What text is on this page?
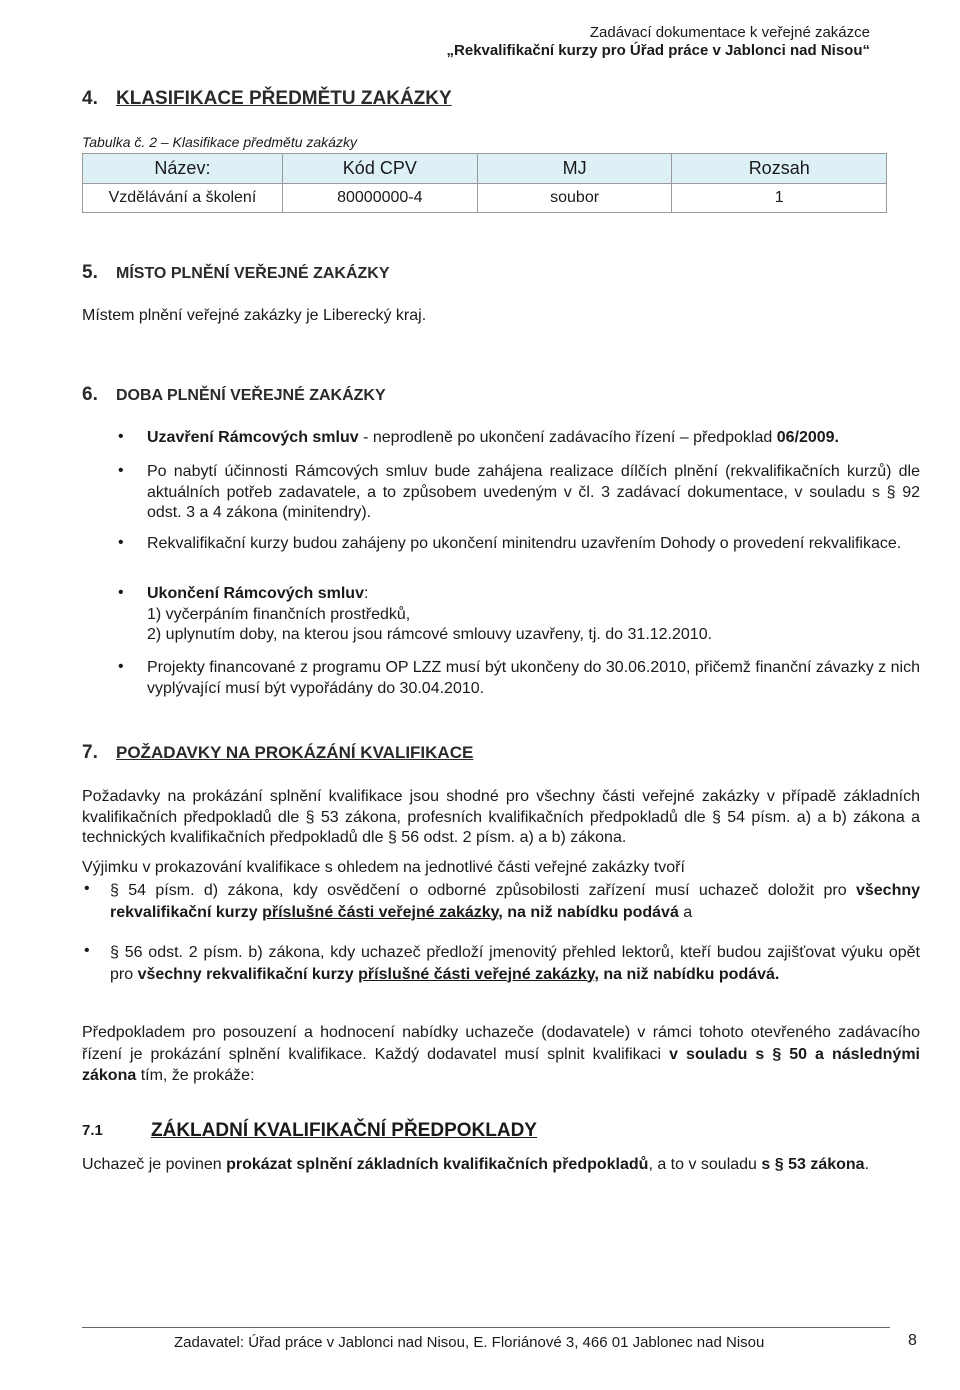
Zadávací dokumentace k veřejné zakázce
„Rekvalifikační kurzy pro Úřad práce v Jablonci nad Nisou“
4. KLASIFIKACE PŘEDMĚTU ZAKÁZKY
Tabulka č. 2 – Klasifikace předmětu zakázky
Název:	Kód CPV	MJ	Rozsah
Vzdělávání a školení	80000000-4	soubor	1
5. MÍSTO PLNĚNÍ VEŘEJNÉ ZAKÁZKY
Místem plnění veřejné zakázky je Liberecký kraj.
6. DOBA PLNĚNÍ VEŘEJNÉ ZAKÁZKY
• Uzavření Rámcových smluv - neprodleně po ukončení zadávacího řízení – předpoklad 06/2009.
• Po nabytí účinnosti Rámcových smluv bude zahájena realizace dílčích plnění (rekvalifikačních kurzů) dle aktuálních potřeb zadavatele, a to způsobem uvedeným v čl. 3 zadávací dokumentace, v souladu s § 92 odst. 3 a 4 zákona (minitendry).
• Rekvalifikační kurzy budou zahájeny po ukončení minitendru uzavřením Dohody o provedení rekvalifikace.
• Ukončení Rámcových smluv:
1) vyčerpáním finančních prostředků,
2) uplynutím doby, na kterou jsou rámcové smlouvy uzavřeny, tj. do 31.12.2010.
• Projekty financované z programu OP LZZ musí být ukončeny do 30.06.2010, přičemž finanční závazky z nich vyplývající musí být vypořádány do 30.04.2010.
7. POŽADAVKY NA PROKÁZÁNÍ KVALIFIKACE
Požadavky na prokázání splnění kvalifikace jsou shodné pro všechny části veřejné zakázky v případě základních kvalifikačních předpokladů dle § 53 zákona, profesních kvalifikačních předpokladů dle § 54 písm. a) a b) zákona a technických kvalifikačních předpokladů dle § 56 odst. 2 písm. a) a b) zákona.
Výjimku v prokazování kvalifikace s ohledem na jednotlivé části veřejné zakázky tvoří
• § 54 písm. d) zákona, kdy osvědčení o odborné způsobilosti zařízení musí uchazeč doložit pro všechny rekvalifikační kurzy příslušné části veřejné zakázky, na niž nabídku podává a
• § 56 odst. 2 písm. b) zákona, kdy uchazeč předloží jmenovitý přehled lektorů, kteří budou zajišťovat výuku opět pro všechny rekvalifikační kurzy příslušné části veřejné zakázky, na niž nabídku podává.
Předpokladem pro posouzení a hodnocení nabídky uchazeče (dodavatele) v rámci tohoto otevřeného zadávacího řízení je prokázání splnění kvalifikace. Každý dodavatel musí splnit kvalifikaci v souladu s § 50 a následnými zákona tím, že prokáže:
7.1	ZÁKLADNÍ KVALIFIKAČNÍ PŘEDPOKLADY
Uchazeč je povinen prokázat splnění základních kvalifikačních předpokladů, a to v souladu s § 53 zákona.
Zadavatel: Úřad práce v Jablonci nad Nisou, E. Floriánové 3, 466 01 Jablonec nad Nisou	8
